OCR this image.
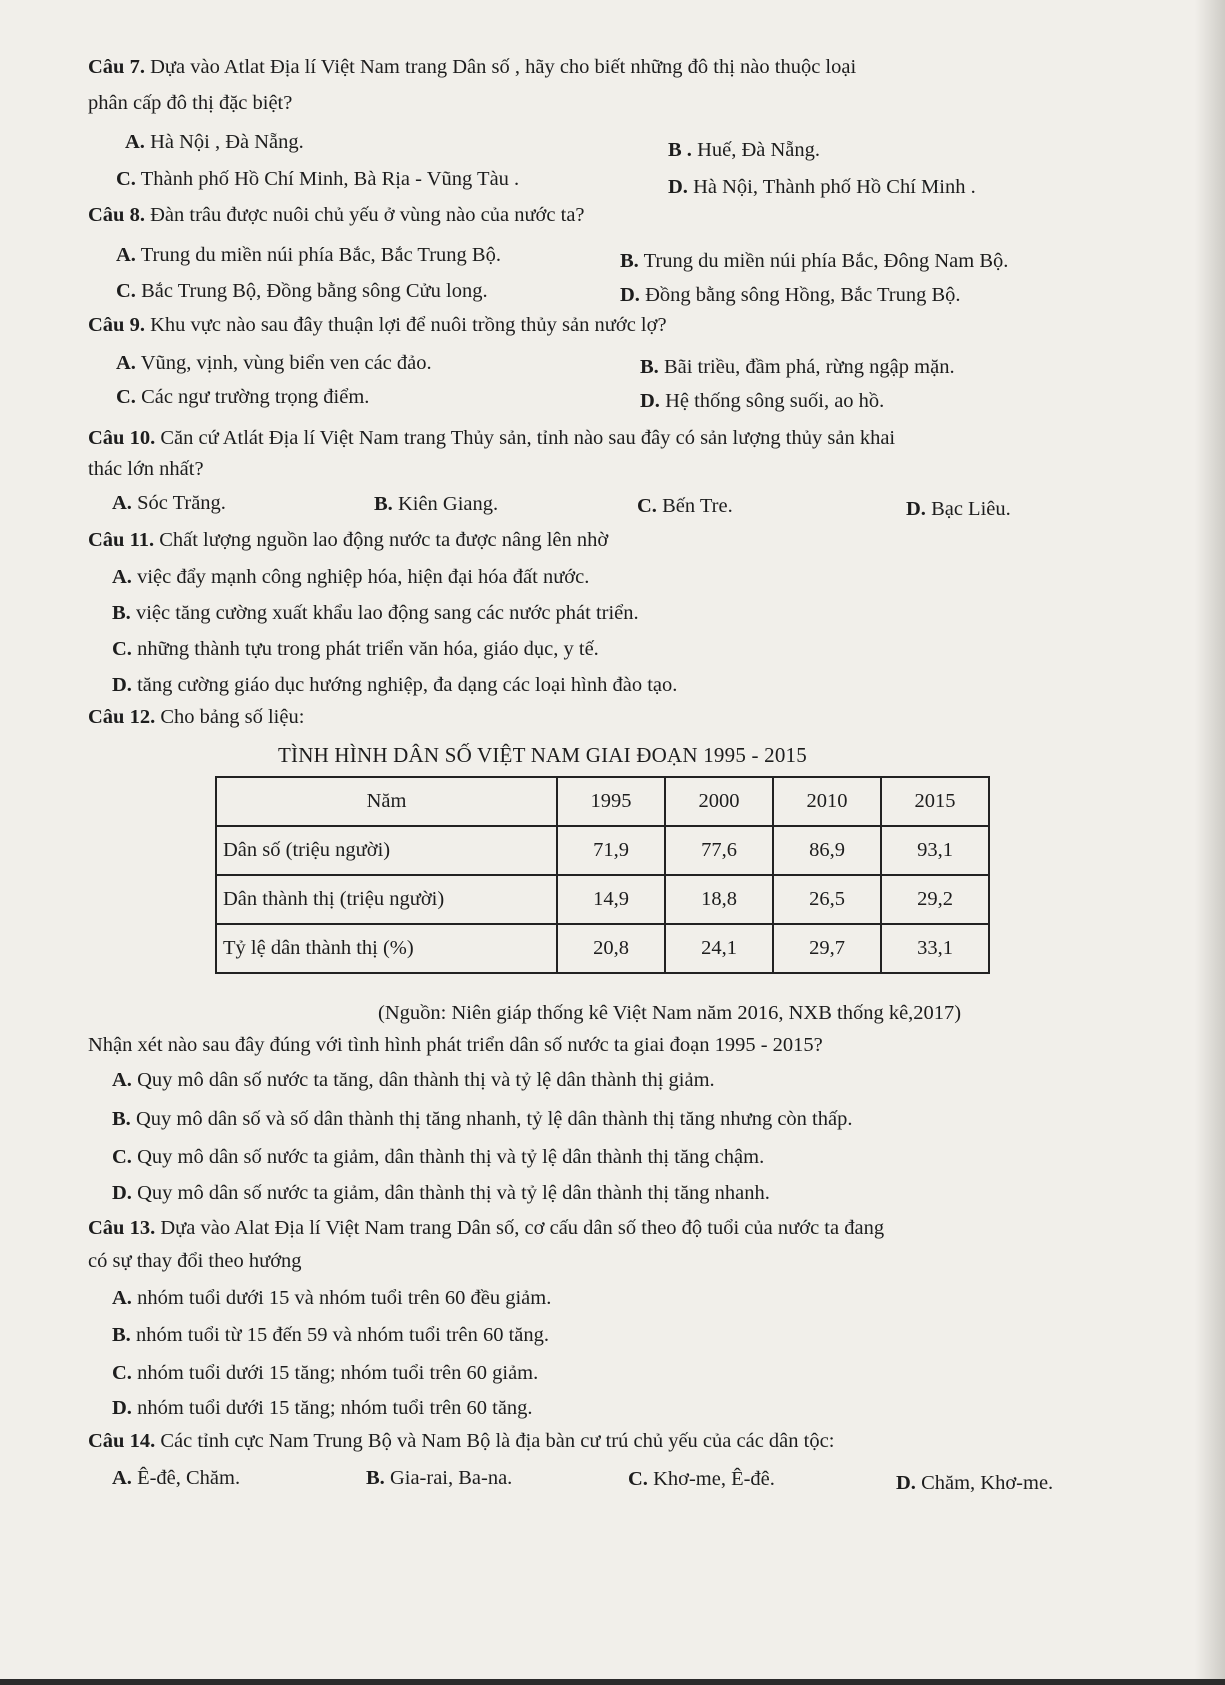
Câu 7. Dựa vào Atlat Địa lí Việt Nam trang Dân số , hãy cho biết những đô thị nào thuộc loại
phân cấp đô thị đặc biệt?
A. Hà Nội , Đà Nẵng.	B . Huế, Đà Nẵng.
C. Thành phố Hồ Chí Minh, Bà Rịa - Vũng Tàu .	D. Hà Nội, Thành phố Hồ Chí Minh .
Câu 8. Đàn trâu được nuôi chủ yếu ở vùng nào của nước ta?
A. Trung du miền núi phía Bắc, Bắc Trung Bộ.	B. Trung du miền núi phía Bắc, Đông Nam Bộ.
C. Bắc Trung Bộ, Đồng bằng sông Cửu long.	D. Đồng bằng sông Hồng, Bắc Trung Bộ.
Câu 9. Khu vực nào sau đây thuận lợi để nuôi trồng thủy sản nước lợ?
A. Vũng, vịnh, vùng biển ven các đảo.	B. Bãi triều, đầm phá, rừng ngập mặn.
C. Các ngư trường trọng điểm.	D. Hệ thống sông suối, ao hồ.
Câu 10. Căn cứ Atlát Địa lí Việt Nam trang Thủy sản, tỉnh nào sau đây có sản lượng thủy sản khai
thác lớn nhất?
A. Sóc Trăng.	B. Kiên Giang.	C. Bến Tre.	D. Bạc Liêu.
Câu 11. Chất lượng nguồn lao động nước ta được nâng lên nhờ
A. việc đẩy mạnh công nghiệp hóa, hiện đại hóa đất nước.
B. việc tăng cường xuất khẩu lao động sang các nước phát triển.
C. những thành tựu trong phát triển văn hóa, giáo dục, y tế.
D. tăng cường giáo dục hướng nghiệp, đa dạng các loại hình đào tạo.
Câu 12. Cho bảng số liệu:
TÌNH HÌNH DÂN SỐ VIỆT NAM GIAI ĐOẠN 1995 - 2015
Năm	1995	2000	2010	2015
Dân số (triệu người)	71,9	77,6	86,9	93,1
Dân thành thị (triệu người)	14,9	18,8	26,5	29,2
Tỷ lệ dân thành thị (%)	20,8	24,1	29,7	33,1
(Nguồn: Niên giáp thống kê Việt Nam năm 2016, NXB thống kê,2017)
Nhận xét nào sau đây đúng với tình hình phát triển dân số nước ta giai đoạn 1995 - 2015?
A. Quy mô dân số nước ta tăng, dân thành thị và tỷ lệ dân thành thị giảm.
B. Quy mô dân số và số dân thành thị tăng nhanh, tỷ lệ dân thành thị tăng nhưng còn thấp.
C. Quy mô dân số nước ta giảm, dân thành thị và tỷ lệ dân thành thị tăng chậm.
D. Quy mô dân số nước ta giảm, dân thành thị và tỷ lệ dân thành thị tăng nhanh.
Câu 13. Dựa vào Alat Địa lí Việt Nam trang Dân số, cơ cấu dân số theo độ tuổi của nước ta đang
có sự thay đổi theo hướng
A. nhóm tuổi dưới 15 và nhóm tuổi trên 60 đều giảm.
B. nhóm tuổi từ 15 đến 59 và nhóm tuổi trên 60 tăng.
C. nhóm tuổi dưới 15 tăng; nhóm tuổi trên 60 giảm.
D. nhóm tuổi dưới 15 tăng; nhóm tuổi trên 60 tăng.
Câu 14. Các tỉnh cực Nam Trung Bộ và Nam Bộ là địa bàn cư trú chủ yếu của các dân tộc:
A. Ê-đê, Chăm.	B. Gia-rai, Ba-na.	C. Khơ-me, Ê-đê.	D. Chăm, Khơ-me.
